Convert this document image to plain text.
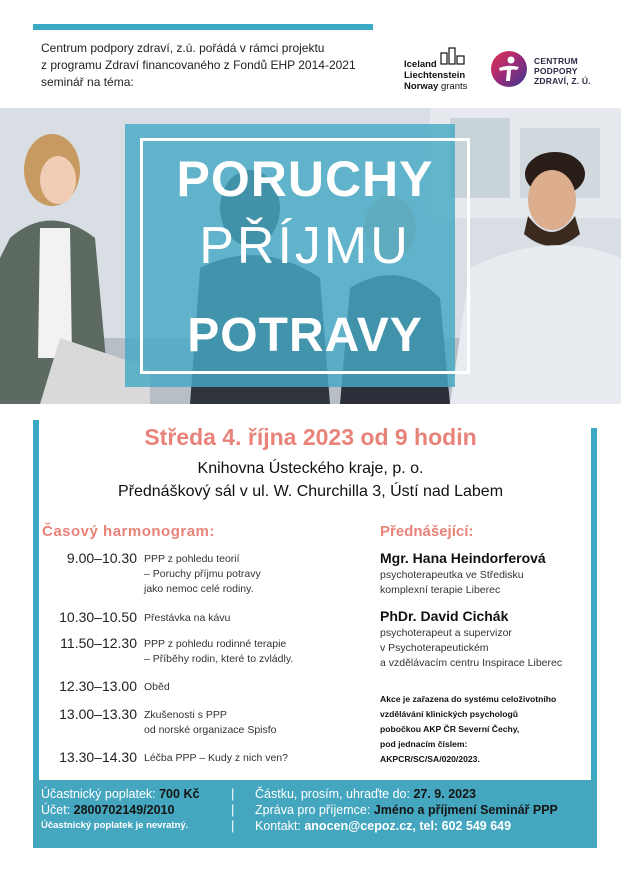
Centrum podpory zdraví, z.ú. pořádá v rámci projektu
z programu Zdraví financovaného z Fondů EHP 2014-2021
seminář na téma:
Iceland
Liechtenstein
Norway grants
CENTRUM
PODPORY
ZDRAVÍ, Z. Ú.
PORUCHY
PŘÍJMU
POTRAVY
Středa 4. října 2023 od 9 hodin
Knihovna Ústeckého kraje, p. o.
Přednáškový sál v ul. W. Churchilla 3, Ústí nad Labem
Časový harmonogram:
9.00–10.30 PPP z pohledu teorií
– Poruchy příjmu potravy
jako nemoc celé rodiny.
10.30–10.50 Přestávka na kávu
11.50–12.30 PPP z pohledu rodinné terapie
– Příběhy rodin, které to zvládly.
12.30–13.00 Oběd
13.00–13.30 Zkušenosti s PPP
od norské organizace Spisfo
13.30–14.30 Léčba PPP – Kudy z nich ven?
Přednášející:
Mgr. Hana Heindorferová
psychoterapeutka ve Středisku
komplexní terapie Liberec
PhDr. David Cichák
psychoterapeut a supervizor
v Psychoterapeutickém
a vzdělávacím centru Inspirace Liberec
Akce je zařazena do systému celoživotního
vzdělávání klinických psychologů
pobočkou AKP ČR Severní Čechy,
pod jednacím číslem:
AKPCR/SC/SA/020/2023.
Účastnický poplatek: 700 Kč
Účet: 2800702149/2010
Účastnický poplatek je nevratný.
|
|
|
Částku, prosím, uhraďte do: 27. 9. 2023
Zpráva pro příjemce: Jméno a příjmení Seminář PPP
Kontakt: anocen@cepoz.cz, tel: 602 549 649
